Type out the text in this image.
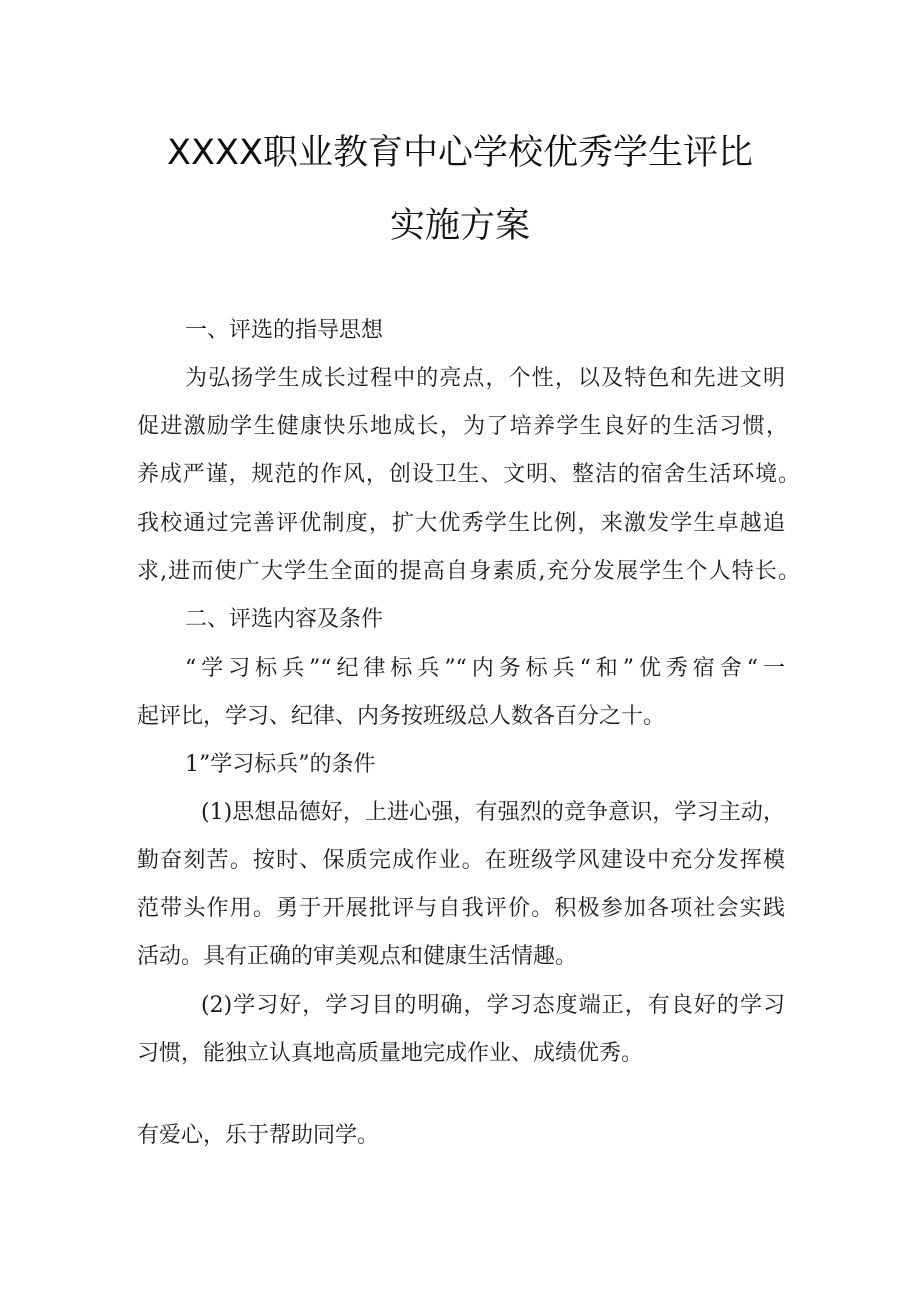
XXXX职业教育中心学校优秀学生评比
实施方案
一、评选的指导思想
为弘扬学生成长过程中的亮点，个性，以及特色和先进文明
促进激励学生健康快乐地成长，为了培养学生良好的生活习惯，
养成严谨，规范的作风，创设卫生、文明、整洁的宿舍生活环境。
我校通过完善评优制度，扩大优秀学生比例，来激发学生卓越追
求,进而使广大学生全面的提高自身素质,充分发展学生个人特长。
二、评选内容及条件
“学习标兵”“纪律标兵”“内务标兵“和”优秀宿舍“一
起评比，学习、纪律、内务按班级总人数各百分之十。
1”学习标兵”的条件
(1)思想品德好，上进心强，有强烈的竞争意识，学习主动，
勤奋刻苦。按时、保质完成作业。在班级学风建设中充分发挥模
范带头作用。勇于开展批评与自我评价。积极参加各项社会实践
活动。具有正确的审美观点和健康生活情趣。
(2)学习好，学习目的明确，学习态度端正，有良好的学习
习惯，能独立认真地高质量地完成作业、成绩优秀。
有爱心，乐于帮助同学。
